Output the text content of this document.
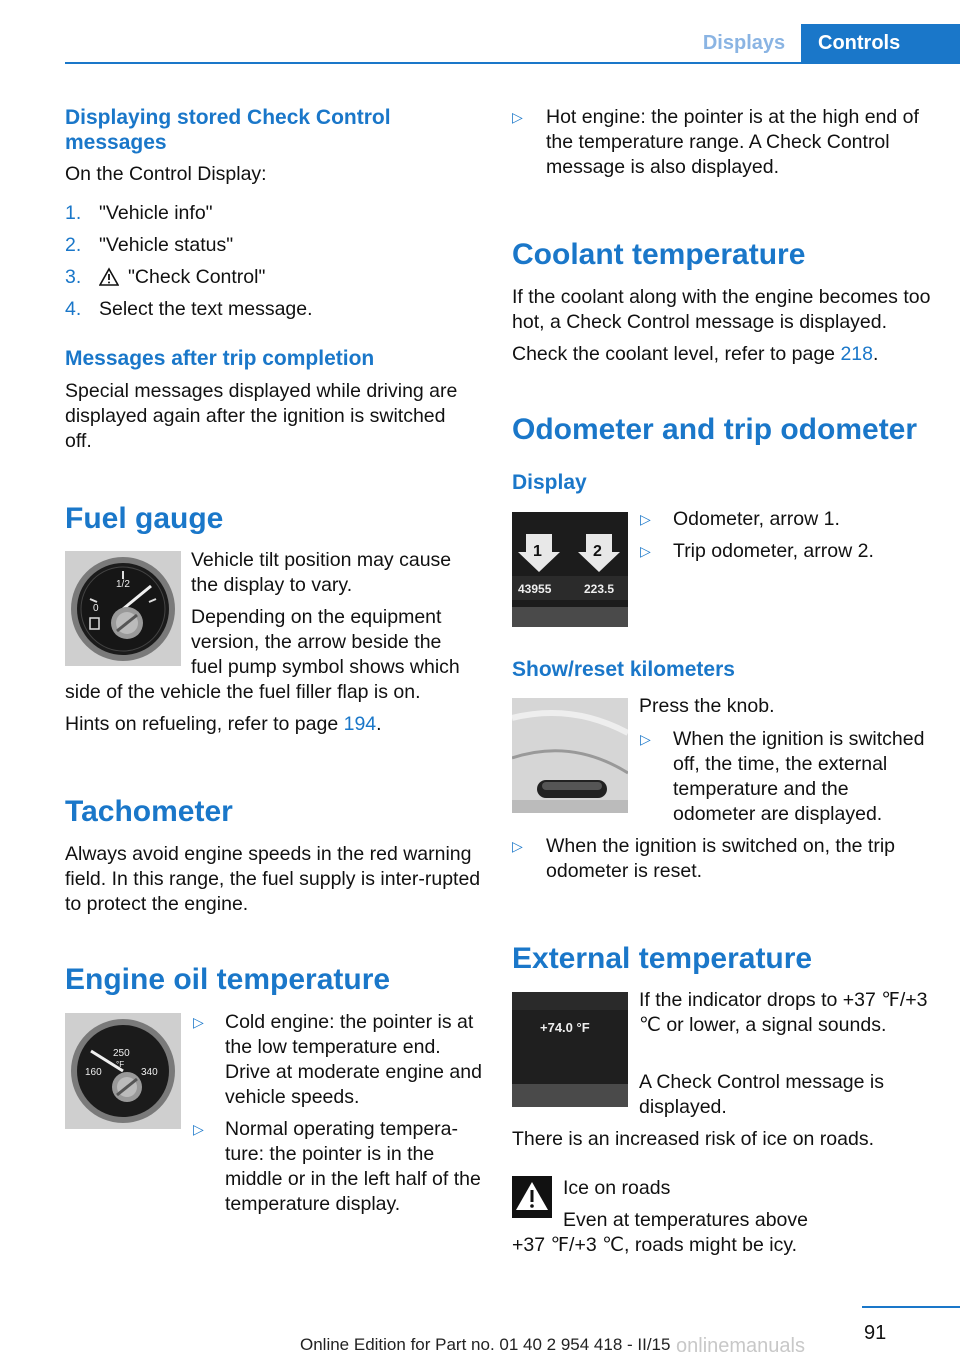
Displays	Controls
Displaying stored Check Control messages
On the Control Display:
1. "Vehicle info"
2. "Vehicle status"
3. "Check Control"
4. Select the text message.
Messages after trip completion
Special messages displayed while driving are displayed again after the ignition is switched off.
Fuel gauge
1/2
0
Vehicle tilt position may cause the display to vary.
Depending on the equipment version, the arrow beside the fuel pump symbol shows which
side of the vehicle the fuel filler flap is on.
Hints on refueling, refer to page 194.
Tachometer
Always avoid engine speeds in the red warning field. In this range, the fuel supply is inter‐rupted to protect the engine.
Engine oil temperature
250
°F
160	340
▷ Cold engine: the pointer is at the low temperature end. Drive at moderate engine and vehicle speeds.
▷ Normal operating tempera‐ture: the pointer is in the middle or in the left half of the temperature display.
▷ Hot engine: the pointer is at the high end of the temperature range. A Check Control message is also displayed.
Coolant temperature
If the coolant along with the engine becomes too hot, a Check Control message is displayed.
Check the coolant level, refer to page 218.
Odometer and trip odometer
Display
1	2
43955	223.5
▷ Odometer, arrow 1.
▷ Trip odometer, arrow 2.
Show/reset kilometers
Press the knob.
▷ When the ignition is switched off, the time, the external temperature and the odometer are displayed.
▷ When the ignition is switched on, the trip odometer is reset.
External temperature
+74.0 °F
If the indicator drops to +37 ℉/+3 ℃ or lower, a signal sounds.
A Check Control message is displayed.
There is an increased risk of ice on roads.
Ice on roads
Even at temperatures above
+37 ℉/+3 ℃, roads might be icy.
91
Online Edition for Part no. 01 40 2 954 418 - II/15 onlinemanuals
